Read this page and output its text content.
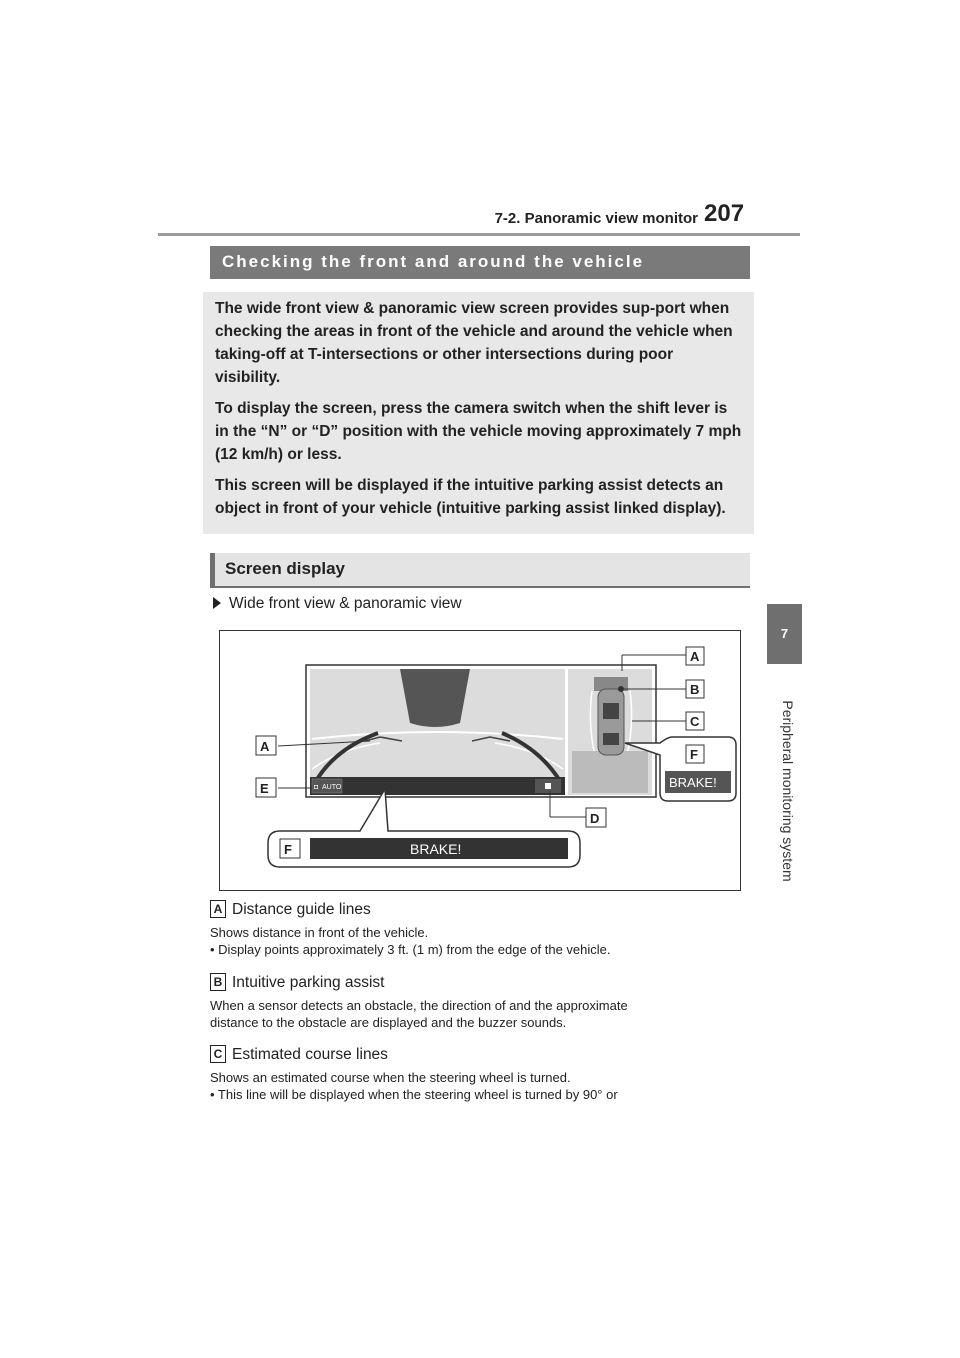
7-2. Panoramic view monitor 207
7
Peripheral monitoring system
Checking the front and around the vehicle

The wide front view & panoramic view screen provides sup-port when checking the areas in front of the vehicle and around the vehicle when taking-off at T-intersections or other intersections during poor visibility.

To display the screen, press the camera switch when the shift lever is in the “N” or “D” position with the vehicle moving approximately 7 mph (12 km/h) or less.

This screen will be displayed if the intuitive parking assist detects an object in front of your vehicle (intuitive parking assist linked display).

Screen display
Wide front view & panoramic view
◘ AUTO
A
B
C
A
E
D
F
BRAKE!
F	BRAKE!
A Distance guide lines
Shows distance in front of the vehicle.
• Display points approximately 3 ft. (1 m) from the edge of the vehicle.
B Intuitive parking assist
When a sensor detects an obstacle, the direction of and the approximate
distance to the obstacle are displayed and the buzzer sounds.
C Estimated course lines
Shows an estimated course when the steering wheel is turned.
• This line will be displayed when the steering wheel is turned by 90° or
